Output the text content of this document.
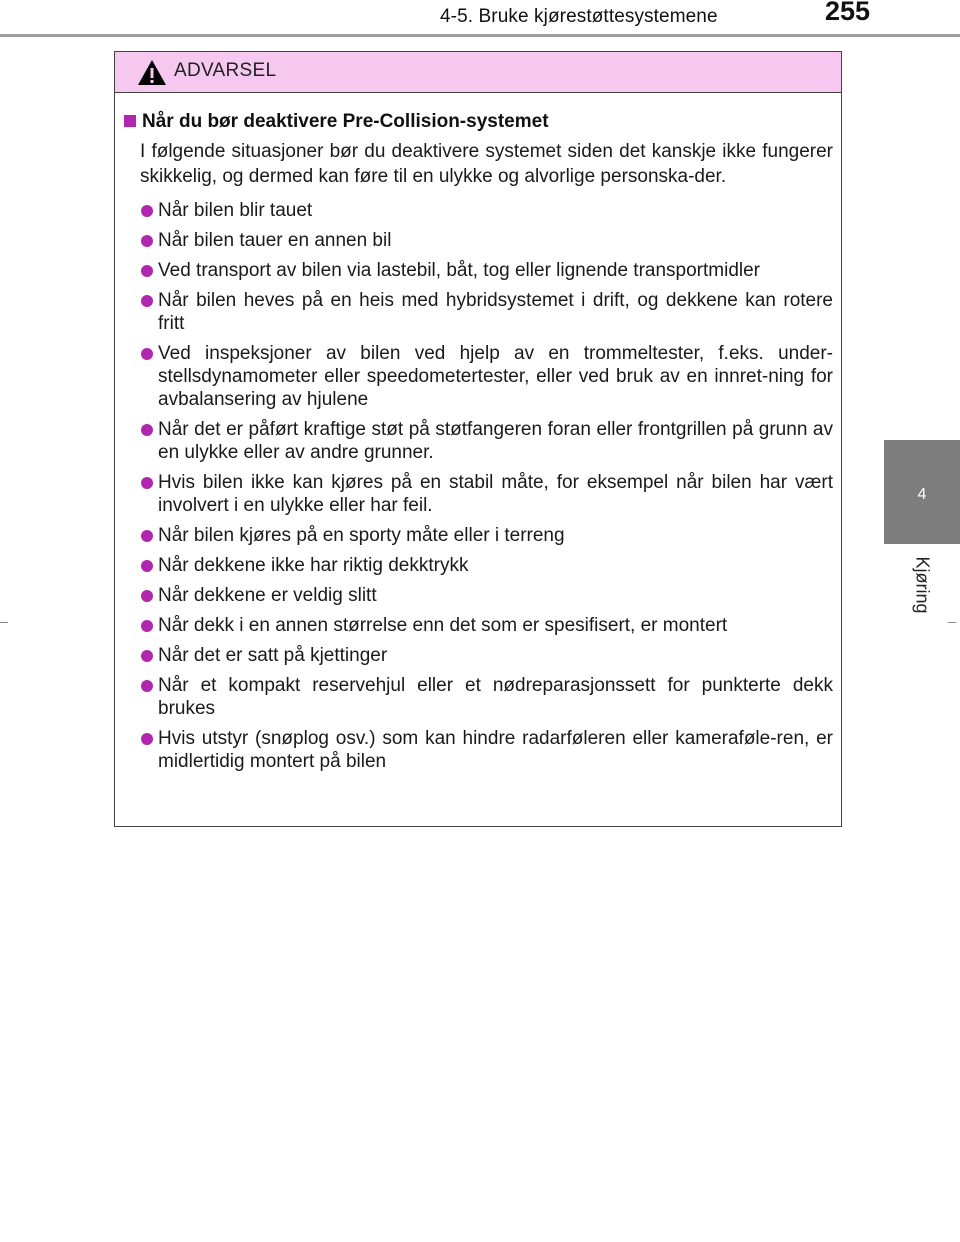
4-5. Bruke kjørestøttesystemene	255
4
Kjøring
ADVARSEL
Når du bør deaktivere Pre-Collision-systemet

I følgende situasjoner bør du deaktivere systemet siden det kanskje ikke fungerer skikkelig, og dermed kan føre til en ulykke og alvorlige personska-der.

Når bilen blir tauet
Når bilen tauer en annen bil
Ved transport av bilen via lastebil, båt, tog eller lignende transportmidler
Når bilen heves på en heis med hybridsystemet i drift, og dekkene kan rotere fritt
Ved inspeksjoner av bilen ved hjelp av en trommeltester, f.eks. under-stellsdynamometer eller speedometertester, eller ved bruk av en innret-ning for avbalansering av hjulene
Når det er påført kraftige støt på støtfangeren foran eller frontgrillen på grunn av en ulykke eller av andre grunner.
Hvis bilen ikke kan kjøres på en stabil måte, for eksempel når bilen har vært involvert i en ulykke eller har feil.
Når bilen kjøres på en sporty måte eller i terreng
Når dekkene ikke har riktig dekktrykk
Når dekkene er veldig slitt
Når dekk i en annen størrelse enn det som er spesifisert, er montert
Når det er satt på kjettinger
Når et kompakt reservehjul eller et nødreparasjonssett for punkterte dekk brukes
Hvis utstyr (snøplog osv.) som kan hindre radarføleren eller kameraføle-ren, er midlertidig montert på bilen
